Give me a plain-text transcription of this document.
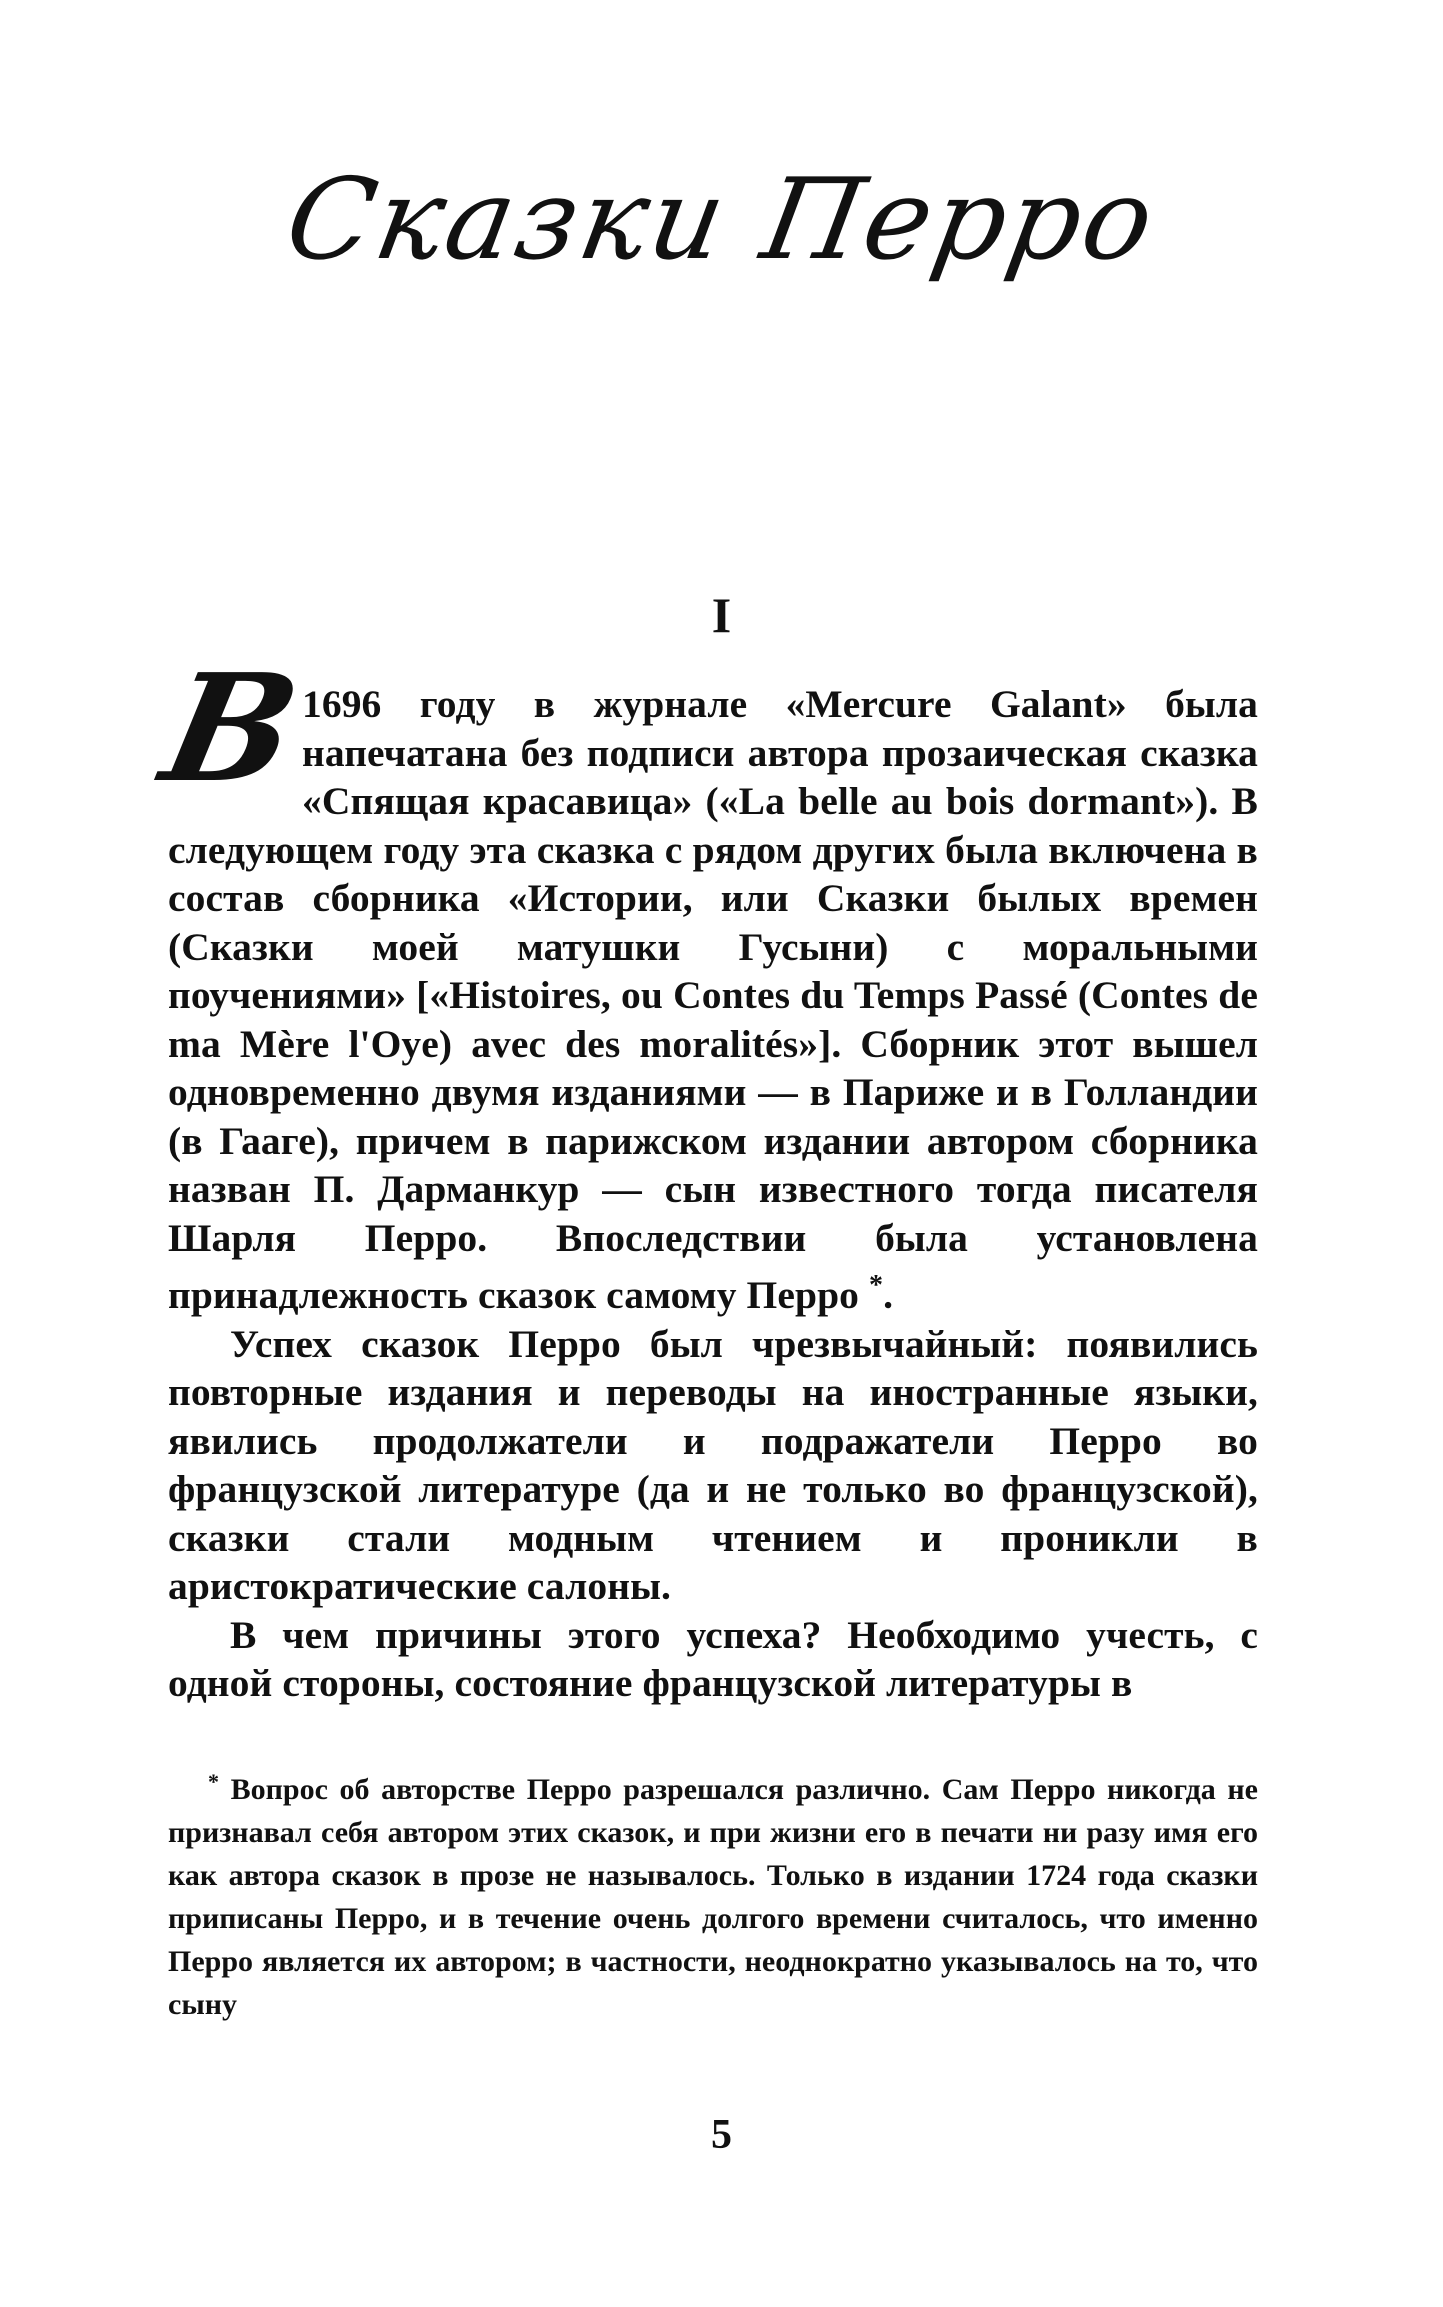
Сказки Перро
I

В
1696 году в журнале «Mercure Galant» была напечатана без подписи автора прозаическая сказка «Спящая красавица» («La belle au bois dormant»). В следующем году эта сказка с рядом других была включена в состав сборника «Истории, или Сказки былых времен (Сказки моей матушки Гусыни) с моральными поучениями» [«Histoires, ou Contes du Temps Passé (Contes de ma Mère l'Oye) avec des moralités»]. Сборник этот вышел одновременно двумя изданиями — в Париже и в Голландии (в Гааге), причем в парижском издании автором сборника назван П. Дарманкур — сын известного тогда писателя Шарля Перро. Впоследствии была установлена принадлежность сказок самому Перро *.

Успех сказок Перро был чрезвычайный: появились повторные издания и переводы на иностранные языки, явились продолжатели и подражатели Перро во французской литературе (да и не только во французской), сказки стали модным чтением и проникли в аристократические салоны.

В чем причины этого успеха? Необходимо учесть, с одной стороны, состояние французской литературы в

* Вопрос об авторстве Перро разрешался различно. Сам Перро никогда не признавал себя автором этих сказок, и при жизни его в печати ни разу имя его как автора сказок в прозе не называлось. Только в издании 1724 года сказки приписаны Перро, и в течение очень долгого времени считалось, что именно Перро является их автором; в частности, неоднократно указывалось на то, что сыну
5
